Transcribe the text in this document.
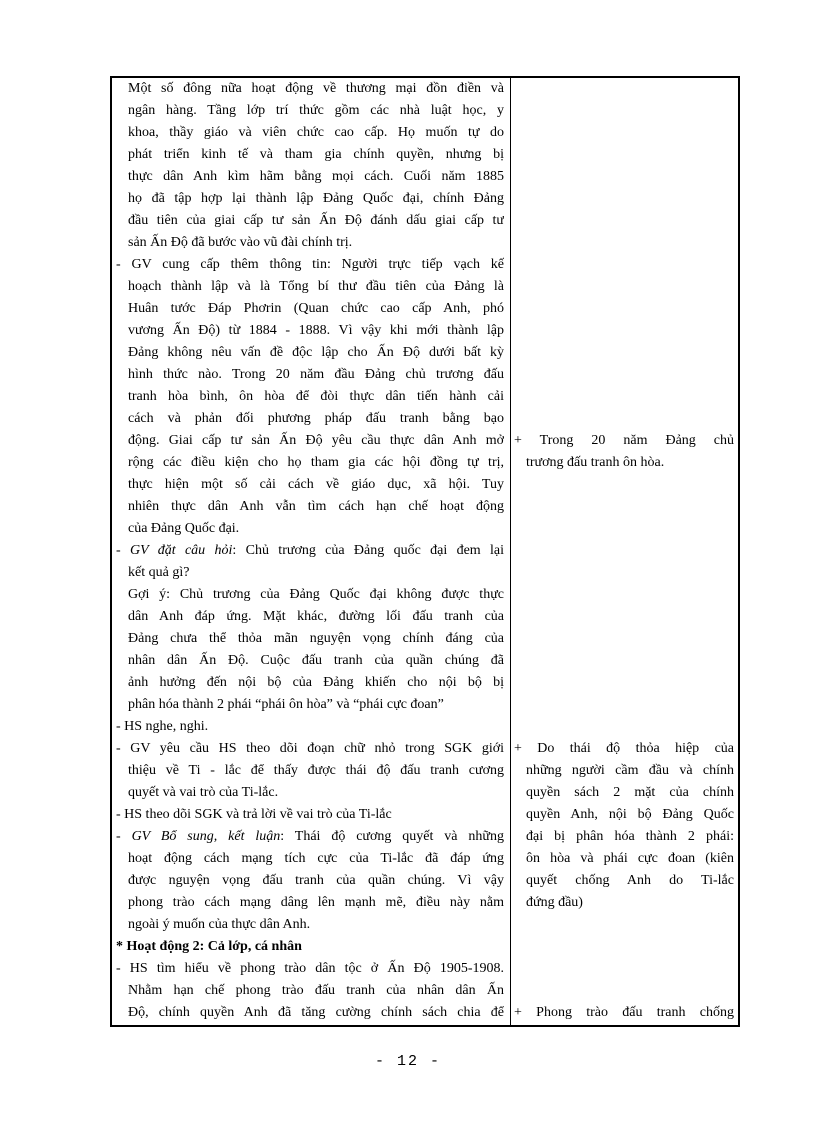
Một số đông nữa hoạt động về thương mại đồn điền và
ngân hàng. Tầng lớp trí thức gồm các nhà luật học, y
khoa, thầy giáo và viên chức cao cấp. Họ muốn tự do
phát triển kinh tế và tham gia chính quyền, nhưng bị
thực dân Anh kìm hãm bằng mọi cách. Cuối năm 1885
họ đã tập hợp lại thành lập Đảng Quốc đại, chính Đảng
đầu tiên của giai cấp tư sản Ấn Độ đánh dấu giai cấp tư
sản Ấn Độ đã bước vào vũ đài chính trị.
- GV cung cấp thêm thông tin: Người trực tiếp vạch kế
hoạch thành lập và là Tổng bí thư đầu tiên của Đảng là
Huân tước Đáp Phơrin (Quan chức cao cấp Anh, phó
vương Ấn Độ) từ 1884 - 1888. Vì vậy khi mới thành lập
Đảng không nêu vấn đề độc lập cho Ấn Độ dưới bất kỳ
hình thức nào. Trong 20 năm đầu Đảng chủ trương đấu
tranh hòa bình, ôn hòa để đòi thực dân tiến hành cải
cách và phản đối phương pháp đấu tranh bằng bạo
động. Giai cấp tư sản Ấn Độ yêu cầu thực dân Anh mở
rộng các điều kiện cho họ tham gia các hội đồng tự trị,
thực hiện một số cải cách về giáo dục, xã hội. Tuy
nhiên thực dân Anh vẫn tìm cách hạn chế hoạt động
của Đảng Quốc đại.
- GV đặt câu hỏi: Chủ trương của Đảng quốc đại đem lại
kết quả gì?
Gợi ý: Chủ trương của Đảng Quốc đại không được thực
dân Anh đáp ứng. Mặt khác, đường lối đấu tranh của
Đảng chưa thể thỏa mãn nguyện vọng chính đáng của
nhân dân Ấn Độ. Cuộc đấu tranh của quần chúng đã
ảnh hưởng đến nội bộ của Đảng khiến cho nội bộ bị
phân hóa thành 2 phái “phái ôn hòa” và “phái cực đoan”
- HS nghe, nghi.
- GV yêu cầu HS theo dõi đoạn chữ nhỏ trong SGK giới
thiệu về Ti - lắc để thấy được thái độ đấu tranh cương
quyết và vai trò của Ti-lắc.
- HS theo dõi SGK và trả lời về vai trò của Ti-lắc
- GV Bổ sung, kết luận: Thái độ cương quyết và những
hoạt động cách mạng tích cực của Ti-lắc đã đáp ứng
được nguyện vọng đấu tranh của quần chúng. Vì vậy
phong trào cách mạng dâng lên mạnh mẽ, điều này nằm
ngoài ý muốn của thực dân Anh.
* Hoạt động 2: Cả lớp, cá nhân
- HS tìm hiểu về phong trào dân tộc ở Ấn Độ 1905-1908.
Nhằm hạn chế phong trào đấu tranh của nhân dân Ấn
Độ, chính quyền Anh đã tăng cường chính sách chia để
+ Trong 20 năm Đảng chủ
trương đấu tranh ôn hòa.
+ Do thái độ thỏa hiệp của
những người cầm đầu và chính
quyền sách 2 mặt của chính
quyền Anh, nội bộ Đảng Quốc
đại bị phân hóa thành 2 phái:
ôn hòa và phái cực đoan (kiên
quyết chống Anh do Ti-lắc
đứng đầu)
+ Phong trào đấu tranh chống
- 12 -
